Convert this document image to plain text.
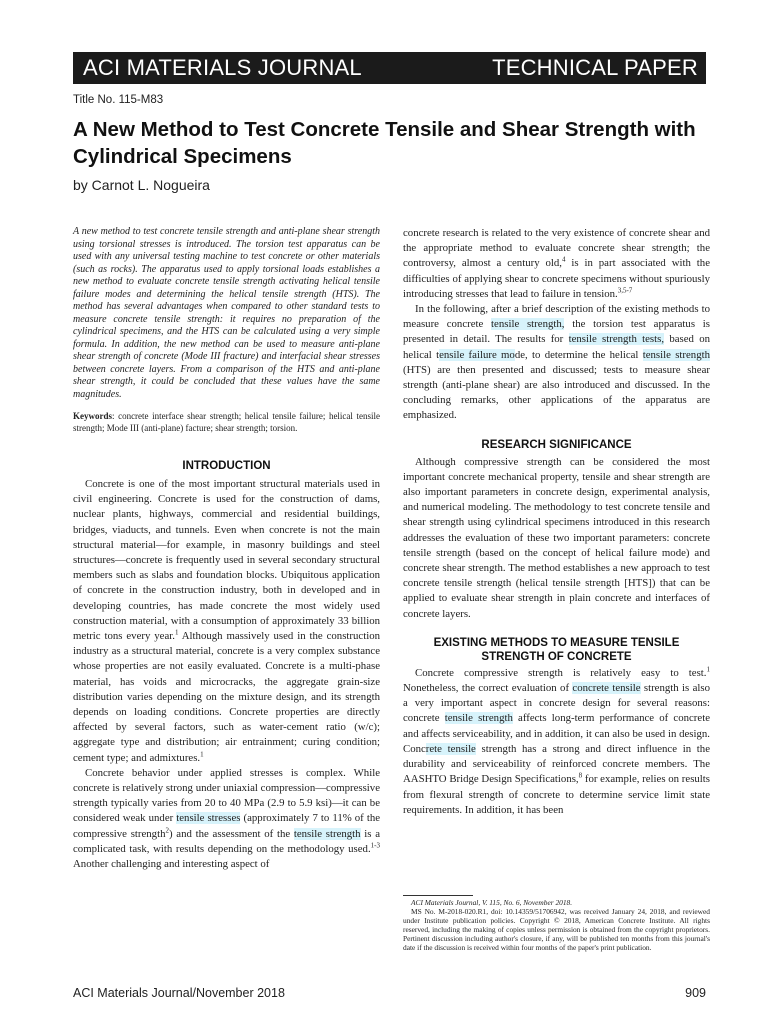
ACI MATERIALS JOURNAL	TECHNICAL PAPER
Title No. 115-M83
A New Method to Test Concrete Tensile and Shear Strength with Cylindrical Specimens
by Carnot L. Nogueira

A new method to test concrete tensile strength and anti-plane shear strength using torsional stresses is introduced. The torsion test apparatus can be used with any universal testing machine to test concrete or other materials (such as rocks). The apparatus used to apply torsional loads establishes a new method to evaluate concrete tensile strength activating helical tensile failure modes and determining the helical tensile strength (HTS). The method has several advantages when compared to other standard tests to measure concrete tensile strength: it requires no preparation of the cylindrical specimens, and the HTS can be calculated using a very simple formula. In addition, the new method can be used to measure anti-plane shear strength of concrete (Mode III fracture) and interfacial shear stresses between concrete layers. From a comparison of the HTS and anti-plane shear strength, it could be concluded that these values have the same magnitudes.

Keywords: concrete interface shear strength; helical tensile failure; helical tensile strength; Mode III (anti-plane) facture; shear strength; torsion.

INTRODUCTION

Concrete is one of the most important structural materials used in civil engineering. Concrete is used for the construction of dams, nuclear plants, highways, commercial and residential buildings, bridges, viaducts, and tunnels. Even when concrete is not the main structural material—for example, in masonry buildings and steel structures—concrete is frequently used in several secondary structural members such as slabs and foundation blocks. Ubiquitous application of concrete in the construction industry, both in developed and in developing countries, has made concrete the most widely used construction material, with a consumption of approximately 33 billion metric tons every year.$^1$ Although massively used in the construction industry as a structural material, concrete is a very complex substance whose properties are not easily evaluated. Concrete is a multi-phase material, has voids and microcracks, the aggregate grain-size distribution varies depending on the mixture design, and its strength depends on loading conditions. Concrete properties are directly affected by several factors, such as water-cement ratio (w/c); aggregate type and distribution; air entrainment; curing condition; cement type; and admixtures.$^1$

Concrete behavior under applied stresses is complex. While concrete is relatively strong under uniaxial compression—compressive strength typically varies from 20 to 40 MPa (2.9 to 5.9 ksi)—it can be considered weak under tensile stresses (approximately 7 to 11% of the compressive strength$^2$) and the assessment of the tensile strength is a complicated task, with results depending on the methodology used.$^{1-3}$ Another challenging and interesting aspect of

concrete research is related to the very existence of concrete shear and the appropriate method to evaluate concrete shear strength; the controversy, almost a century old,$^4$ is in part associated with the difficulties of applying shear to concrete specimens without spuriously introducing stresses that lead to failure in tension.$^{3,5-7}$

In the following, after a brief description of the existing methods to measure concrete tensile strength, the torsion test apparatus is presented in detail. The results for tensile strength tests, based on helical tensile failure mode, to determine the helical tensile strength (HTS) are then presented and discussed; tests to measure shear strength (anti-plane shear) are also introduced and discussed. In the concluding remarks, other applications of the apparatus are emphasized.

RESEARCH SIGNIFICANCE

Although compressive strength can be considered the most important concrete mechanical property, tensile and shear strength are also important parameters in concrete design, experimental analysis, and numerical modeling. The methodology to test concrete tensile and shear strength using cylindrical specimens introduced in this research addresses the evaluation of these two important parameters: concrete tensile strength (based on the concept of helical failure mode) and concrete shear strength. The method establishes a new approach to test concrete tensile strength (helical tensile strength [HTS]) that can be applied to evaluate shear strength in plain concrete and interfaces of concrete layers.

EXISTING METHODS TO MEASURE TENSILE
STRENGTH OF CONCRETE

Concrete compressive strength is relatively easy to test.$^1$ Nonetheless, the correct evaluation of concrete tensile strength is also a very important aspect in concrete design for several reasons: concrete tensile strength affects long-term performance of concrete and affects serviceability, and in addition, it can also be used in design. Concrete tensile strength has a strong and direct influence in the durability and serviceability of reinforced concrete members. The AASHTO Bridge Design Specifications,$^8$ for example, relies on results from flexural strength of concrete to determine service limit state requirements. In addition, it has been

ACI Materials Journal, V. 115, No. 6, November 2018.
MS No. M-2018-020.R1, doi: 10.14359/51706942, was received January 24, 2018, and reviewed under Institute publication policies. Copyright © 2018, American Concrete Institute. All rights reserved, including the making of copies unless permission is obtained from the copyright proprietors. Pertinent discussion including author's closure, if any, will be published ten months from this journal's date if the discussion is received within four months of the paper's print publication.
ACI Materials Journal/November 2018	909
